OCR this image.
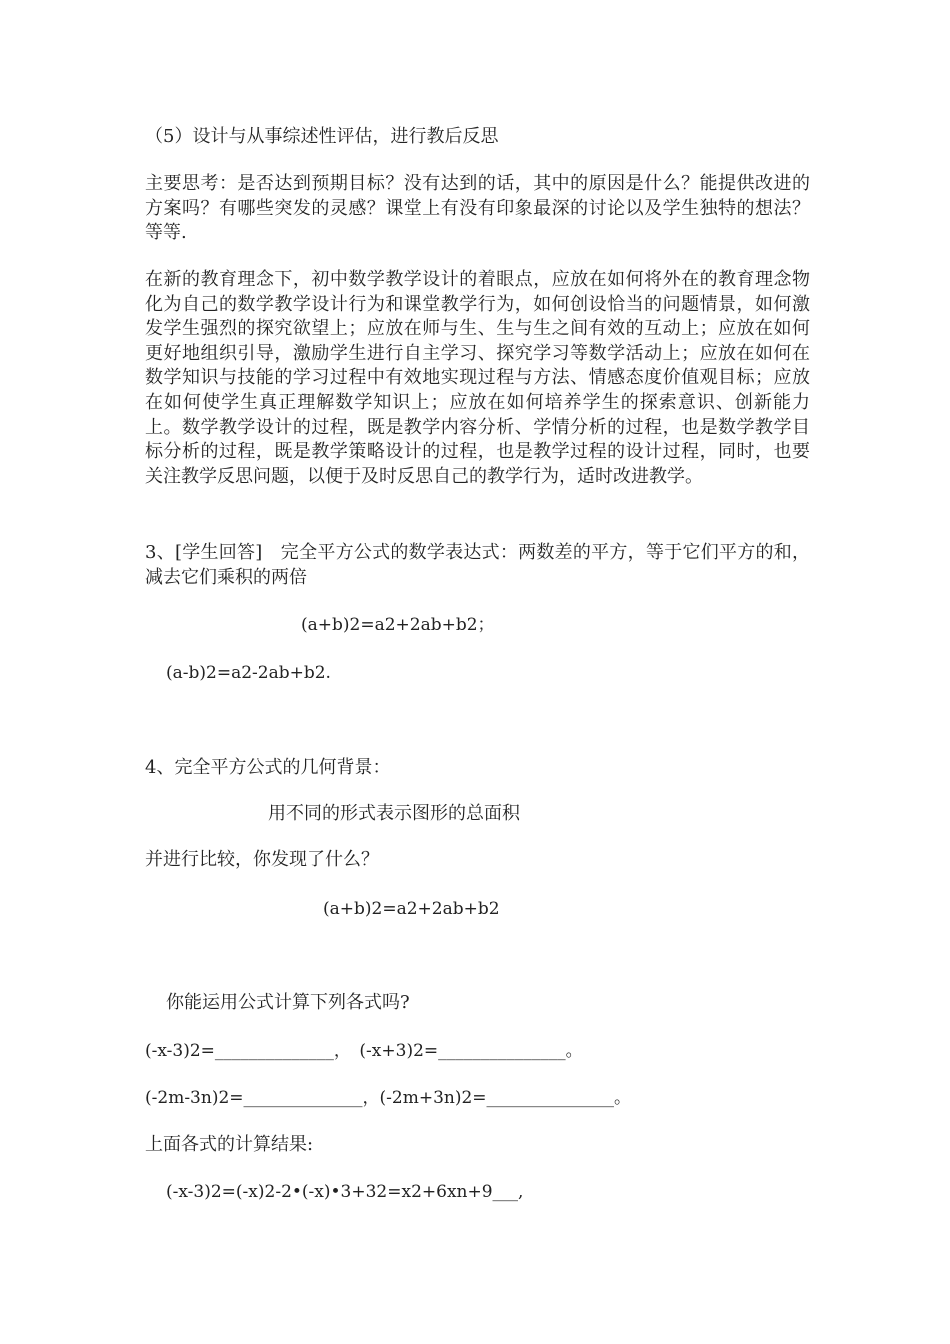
（5）设计与从事综述性评估，进行教后反思

主要思考：是否达到预期目标？没有达到的话，其中的原因是什么？能提供改进的方案吗？有哪些突发的灵感？课堂上有没有印象最深的讨论以及学生独特的想法？等等.

在新的教育理念下，初中数学教学设计的着眼点，应放在如何将外在的教育理念物化为自己的数学教学设计行为和课堂教学行为，如何创设恰当的问题情景，如何激发学生强烈的探究欲望上；应放在师与生、生与生之间有效的互动上；应放在如何更好地组织引导，激励学生进行自主学习、探究学习等数学活动上；应放在如何在数学知识与技能的学习过程中有效地实现过程与方法、情感态度价值观目标；应放在如何使学生真正理解数学知识上；应放在如何培养学生的探索意识、创新能力上。数学教学设计的过程，既是教学内容分析、学情分析的过程，也是数学教学目标分析的过程，既是教学策略设计的过程，也是教学过程的设计过程，同时，也要关注教学反思问题，以便于及时反思自己的教学行为，适时改进教学。

3、[学生回答]　完全平方公式的数学表达式：两数差的平方，等于它们平方的和，减去它们乘积的两倍

(a+b)2=a2+2ab+b2；

(a-b)2=a2-2ab+b2.

4、完全平方公式的几何背景：

用不同的形式表示图形的总面积

并进行比较，你发现了什么？

(a+b)2=a2+2ab+b2

你能运用公式计算下列各式吗?

(-x-3)2=______________，　(-x+3)2=_______________。

(-2m-3n)2=______________，(-2m+3n)2=_______________。

上面各式的计算结果:

(-x-3)2=(-x)2-2•(-x)•3+32=x2+6xn+9___,
